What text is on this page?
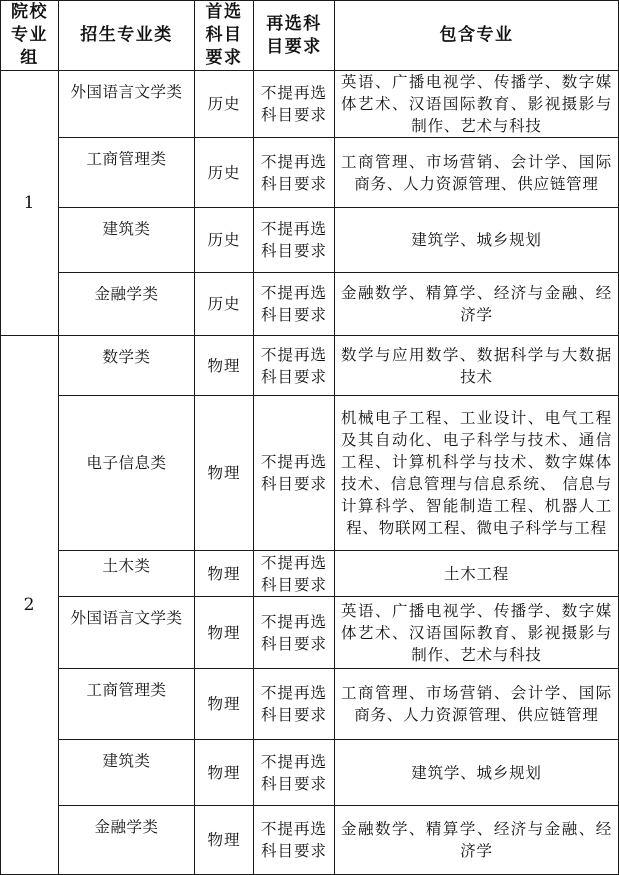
院校专业组	招生专业类	首选科目要求	再选科目要求	包含专业
1	外国语言文学类	历史	不提再选科目要求	英语、广播电视学、传播学、数字媒体艺术、汉语国际教育、影视摄影与制作、艺术与科技
	工商管理类	历史	不提再选科目要求	工商管理、市场营销、会计学、国际商务、人力资源管理、供应链管理
	建筑类	历史	不提再选科目要求	建筑学、城乡规划
	金融学类	历史	不提再选科目要求	金融数学、精算学、经济与金融、经济学
2	数学类	物理	不提再选科目要求	数学与应用数学、数据科学与大数据技术
	电子信息类	物理	不提再选科目要求	机械电子工程、工业设计、电气工程及其自动化、电子科学与技术、通信工程、计算机科学与技术、数字媒体技术、信息管理与信息系统、 信息与计算科学、智能制造工程、机器人工程、物联网工程、微电子科学与工程
	土木类	物理	不提再选科目要求	土木工程
	外国语言文学类	物理	不提再选科目要求	英语、广播电视学、传播学、数字媒体艺术、汉语国际教育、影视摄影与制作、艺术与科技
	工商管理类	物理	不提再选科目要求	工商管理、市场营销、会计学、国际商务、人力资源管理、供应链管理
	建筑类	物理	不提再选科目要求	建筑学、城乡规划
	金融学类	物理	不提再选科目要求	金融数学、精算学、经济与金融、经济学
